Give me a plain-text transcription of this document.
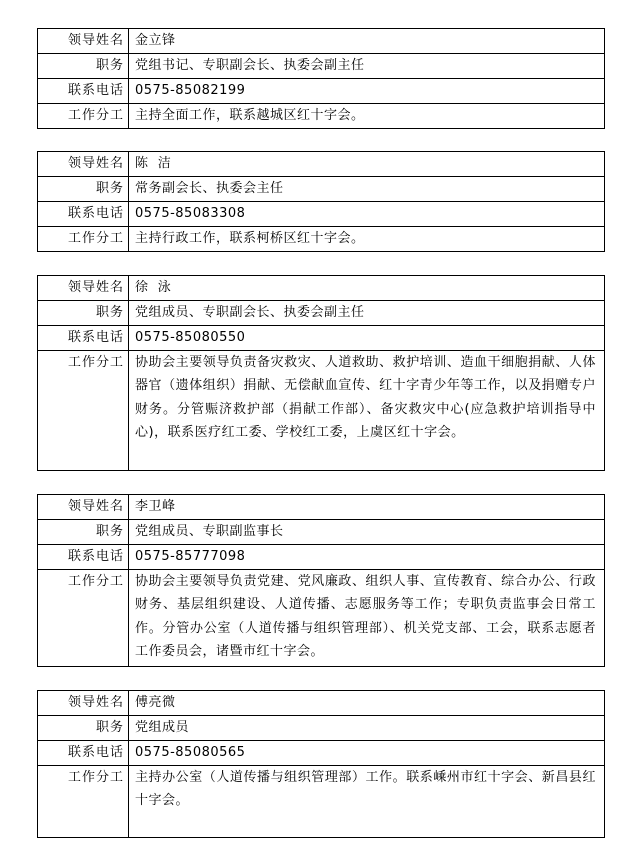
领导姓名	金立锋
职务	党组书记、专职副会长、执委会副主任
联系电话	0575-85082199
工作分工	主持全面工作，联系越城区红十字会。
领导姓名	陈  洁
职务	常务副会长、执委会主任
联系电话	0575-85083308
工作分工	主持行政工作，联系柯桥区红十字会。
领导姓名	徐  泳
职务	党组成员、专职副会长、执委会副主任
联系电话	0575-85080550
工作分工	协助会主要领导负责备灾救灾、人道救助、救护培训、造血干细胞捐献、人体器官（遗体组织）捐献、无偿献血宣传、红十字青少年等工作，以及捐赠专户财务。分管赈济救护部（捐献工作部）、备灾救灾中心(应急救护培训指导中心)，联系医疗红工委、学校红工委，上虞区红十字会。
领导姓名	李卫峰
职务	党组成员、专职副监事长
联系电话	0575-85777098
工作分工	协助会主要领导负责党建、党风廉政、组织人事、宣传教育、综合办公、行政财务、基层组织建设、人道传播、志愿服务等工作；专职负责监事会日常工作。分管办公室（人道传播与组织管理部）、机关党支部、工会，联系志愿者工作委员会，诸暨市红十字会。
领导姓名	傅亮微
职务	党组成员
联系电话	0575-85080565
工作分工	主持办公室（人道传播与组织管理部）工作。联系嵊州市红十字会、新昌县红十字会。
